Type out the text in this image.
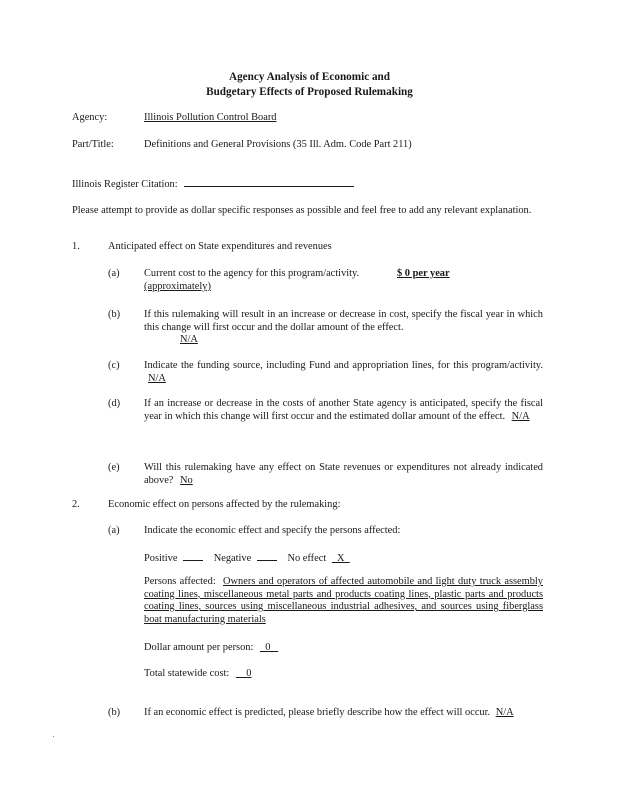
Agency Analysis of Economic and
Budgetary Effects of Proposed Rulemaking
Agency:	Illinois Pollution Control Board
Part/Title:	Definitions and General Provisions (35 Ill. Adm. Code Part 211)
Illinois Register Citation:
Please attempt to provide as dollar specific responses as possible and feel free to add any relevant explanation.
1.	Anticipated effect on State expenditures and revenues
(a) Current cost to the agency for this program/activity.	$ 0 per year
(approximately)
(b) If this rulemaking will result in an increase or decrease in cost, specify the fiscal year in which this change will first occur and the dollar amount of the effect.
N/A
(c) Indicate the funding source, including Fund and appropriation lines, for this program/activity. N/A
(d) If an increase or decrease in the costs of another State agency is anticipated, specify the fiscal year in which this change will first occur and the estimated dollar amount of the effect. N/A
(e) Will this rulemaking have any effect on State revenues or expenditures not already indicated above? No
2.	Economic effect on persons affected by the rulemaking:
(a) Indicate the economic effect and specify the persons affected:
Positive	Negative	No effect X
Persons affected: Owners and operators of affected automobile and light duty truck assembly coating lines, miscellaneous metal parts and products coating lines, plastic parts and products coating lines, sources using miscellaneous industrial adhesives, and sources using fiberglass boat manufacturing materials
Dollar amount per person: 0
Total statewide cost: 0
(b) If an economic effect is predicted, please briefly describe how the effect will occur. N/A
